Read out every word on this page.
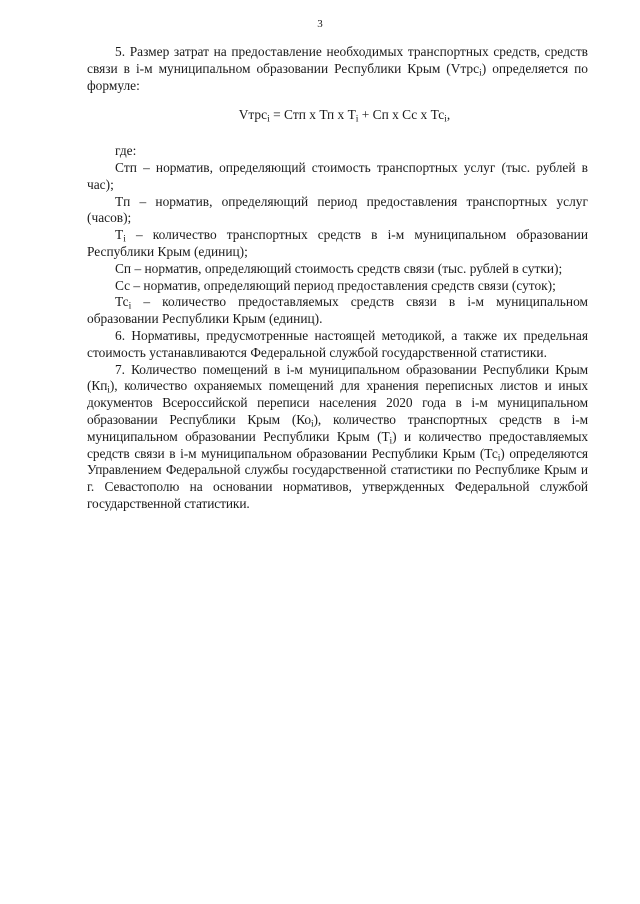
3

5. Размер затрат на предоставление необходимых транспортных средств, средств связи в i-м муниципальном образовании Республики Крым (Vтрс$_i$) определяется по формуле:

Vтрс$_i$ = Cтп x Тп x $Т_i$ + Cп x Сс x $Тс_i$,

где:

Cтп – норматив, определяющий стоимость транспортных услуг (тыс. рублей в час);

Tп – норматив, определяющий период предоставления транспортных услуг (часов);

$T_i$ – количество транспортных средств в i-м муниципальном образовании Республики Крым (единиц);

Cп – норматив, определяющий стоимость средств связи (тыс. рублей в сутки);

Сс – норматив, определяющий период предоставления средств связи (суток);

$Тс_i$ – количество предоставляемых средств связи в i-м муниципальном образовании Республики Крым (единиц).

6. Нормативы, предусмотренные настоящей методикой, а также их предельная стоимость устанавливаются Федеральной службой государственной статистики.

7. Количество помещений в i-м муниципальном образовании Республики Крым $(Кп_i)$, количество охраняемых помещений для хранения переписных листов и иных документов Всероссийской переписи населения 2020 года в i-м муниципальном образовании Республики Крым $(Ко_i)$, количество транспортных средств в i-м муниципальном образовании Республики Крым $(Т_i)$ и количество предоставляемых средств связи в i-м муниципальном образовании Республики Крым $(Тс_i)$ определяются Управлением Федеральной службы государственной статистики по Республике Крым и г. Севастополю на основании нормативов, утвержденных Федеральной службой государственной статистики.
